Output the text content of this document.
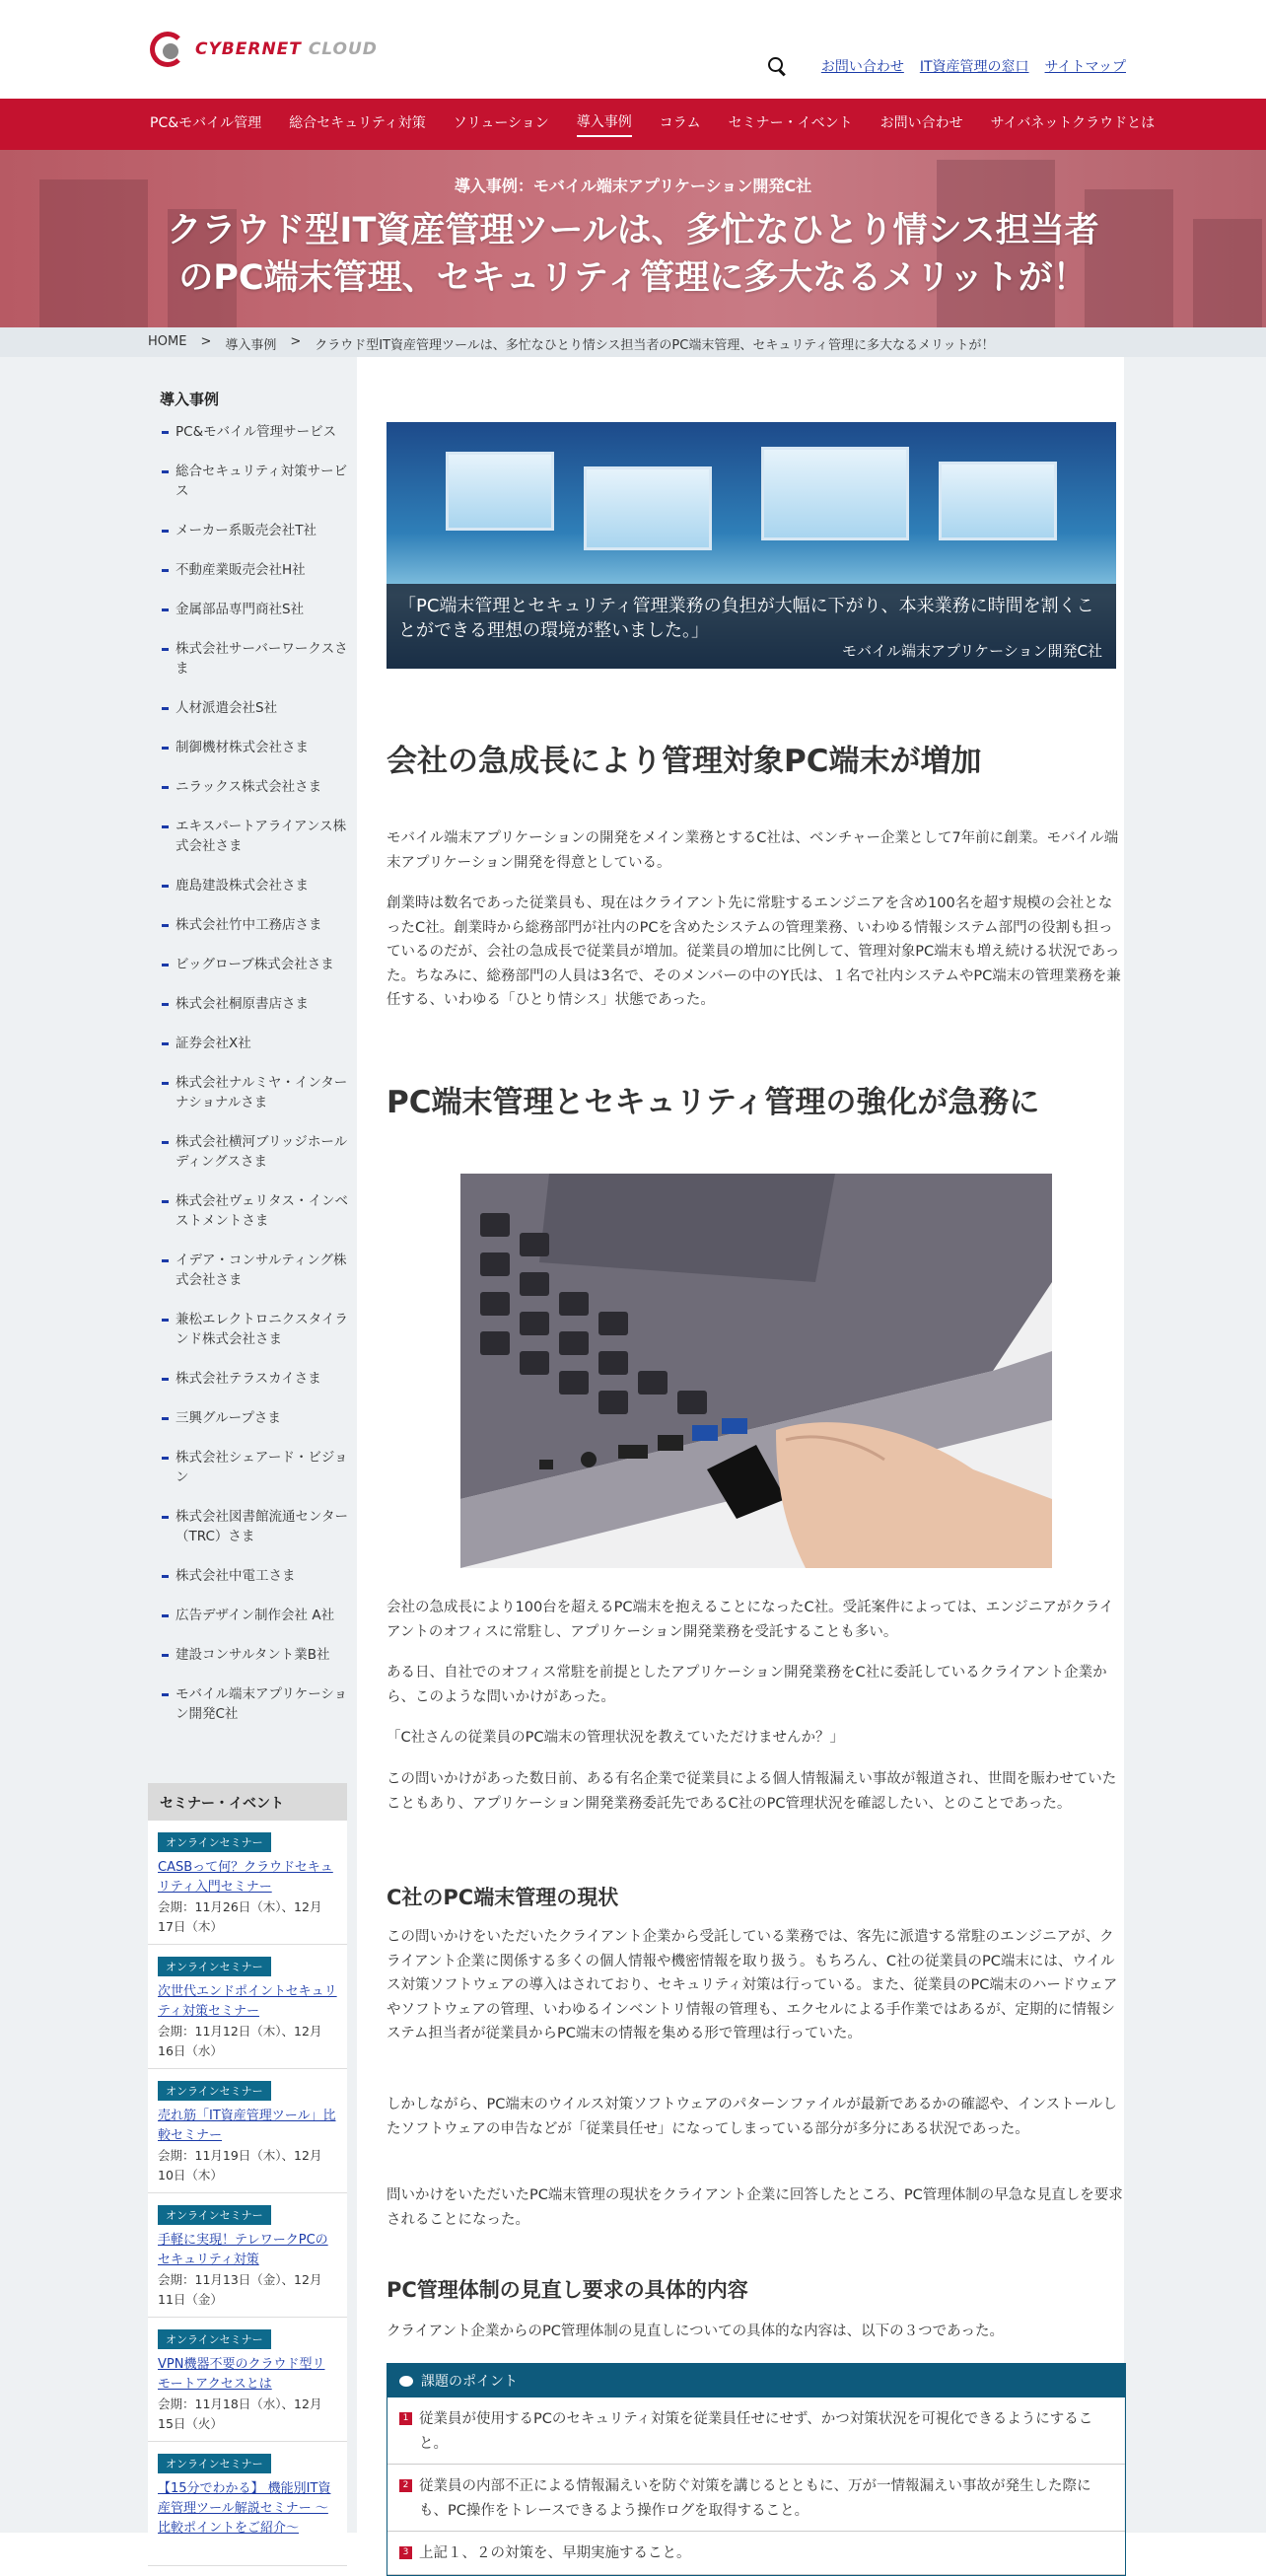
CYBERNET CLOUD
お問い合わせ IT資産管理の窓口 サイトマップ
PC&モバイル管理 総合セキュリティ対策 ソリューション 導入事例 コラム セミナー・イベント お問い合わせ サイバネットクラウドとは
導入事例：モバイル端末アプリケーション開発C社
クラウド型IT資産管理ツールは、多忙なひとり情シス担当者
のPC端末管理、セキュリティ管理に多大なるメリットが！
HOME > 導入事例 > クラウド型IT資産管理ツールは、多忙なひとり情シス担当者のPC端末管理、セキュリティ管理に多大なるメリットが！
導入事例
PC&モバイル管理サービス
総合セキュリティ対策サービス
メーカー系販売会社T社
不動産業販売会社H社
金属部品専門商社S社
株式会社サーバーワークスさま
人材派遣会社S社
制御機材株式会社さま
ニラックス株式会社さま
エキスパートアライアンス株式会社さま
鹿島建設株式会社さま
株式会社竹中工務店さま
ビッグローブ株式会社さま
株式会社桐原書店さま
証券会社X社
株式会社ナルミヤ・インターナショナルさま
株式会社横河ブリッジホールディングスさま
株式会社ヴェリタス・インベストメントさま
イデア・コンサルティング株式会社さま
兼松エレクトロニクスタイランド株式会社さま
株式会社テラスカイさま
三興グループさま
株式会社シェアード・ビジョン
株式会社図書館流通センター（TRC）さま
株式会社中電工さま
広告デザイン制作会社 A社
建設コンサルタント業B社
モバイル端末アプリケーション開発C社
セミナー・イベント
オンラインセミナー
CASBって何？クラウドセキュリティ入門セミナー
会期：11月26日（木）、12月17日（木）
オンラインセミナー
次世代エンドポイントセキュリティ対策セミナー
会期：11月12日（木）、12月16日（水）
オンラインセミナー
売れ筋「IT資産管理ツール」比較セミナー
会期：11月19日（木）、12月10日（木）
オンラインセミナー
手軽に実現！テレワークPCのセキュリティ対策
会期：11月13日（金）、12月11日（金）
オンラインセミナー
VPN機器不要のクラウド型リモートアクセスとは
会期：11月18日（水）、12月15日（火）
オンラインセミナー
【15分でわかる】 機能別IT資産管理ツール解説セミナー ～比較ポイントをご紹介～
「PC端末管理とセキュリティ管理業務の負担が大幅に下がり、本来業務に時間を割くことができる理想の環境が整いました。」
モバイル端末アプリケーション開発C社
会社の急成長により管理対象PC端末が増加

モバイル端末アプリケーションの開発をメイン業務とするC社は、ベンチャー企業として7年前に創業。モバイル端末アプリケーション開発を得意としている。

創業時は数名であった従業員も、現在はクライアント先に常駐するエンジニアを含め100名を超す規模の会社となったC社。創業時から総務部門が社内のPCを含めたシステムの管理業務、いわゆる情報システム部門の役割も担っているのだが、会社の急成長で従業員が増加。従業員の増加に比例して、管理対象PC端末も増え続ける状況であった。ちなみに、総務部門の人員は3名で、そのメンバーの中のY氏は、１名で社内システムやPC端末の管理業務を兼任する、いわゆる「ひとり情シス」状態であった。

PC端末管理とセキュリティ管理の強化が急務に

会社の急成長により100台を超えるPC端末を抱えることになったC社。受託案件によっては、エンジニアがクライアントのオフィスに常駐し、アプリケーション開発業務を受託することも多い。

ある日、自社でのオフィス常駐を前提としたアプリケーション開発業務をC社に委託しているクライアント企業から、このような問いかけがあった。

「C社さんの従業員のPC端末の管理状況を教えていただけませんか？」

この問いかけがあった数日前、ある有名企業で従業員による個人情報漏えい事故が報道され、世間を賑わせていたこともあり、アプリケーション開発業務委託先であるC社のPC管理状況を確認したい、とのことであった。

C社のPC端末管理の現状

この問いかけをいただいたクライアント企業から受託している業務では、客先に派遣する常駐のエンジニアが、クライアント企業に関係する多くの個人情報や機密情報を取り扱う。もちろん、C社の従業員のPC端末には、ウイルス対策ソフトウェアの導入はされており、セキュリティ対策は行っている。また、従業員のPC端末のハードウェアやソフトウェアの管理、いわゆるインベントリ情報の管理も、エクセルによる手作業ではあるが、定期的に情報システム担当者が従業員からPC端末の情報を集める形で管理は行っていた。

しかしながら、PC端末のウイルス対策ソフトウェアのパターンファイルが最新であるかの確認や、インストールしたソフトウェアの申告などが「従業員任せ」になってしまっている部分が多分にある状況であった。

問いかけをいただいたPC端末管理の現状をクライアント企業に回答したところ、PC管理体制の早急な見直しを要求されることになった。

PC管理体制の見直し要求の具体的内容

クライアント企業からのPC管理体制の見直しについての具体的な内容は、以下の３つであった。

課題のポイント
1 従業員が使用するPCのセキュリティ対策を従業員任せにせず、かつ対策状況を可視化できるようにすること。
2 従業員の内部不正による情報漏えいを防ぐ対策を講じるとともに、万が一情報漏えい事故が発生した際にも、PC操作をトレースできるよう操作ログを取得すること。
3 上記１、２の対策を、早期実施すること。
